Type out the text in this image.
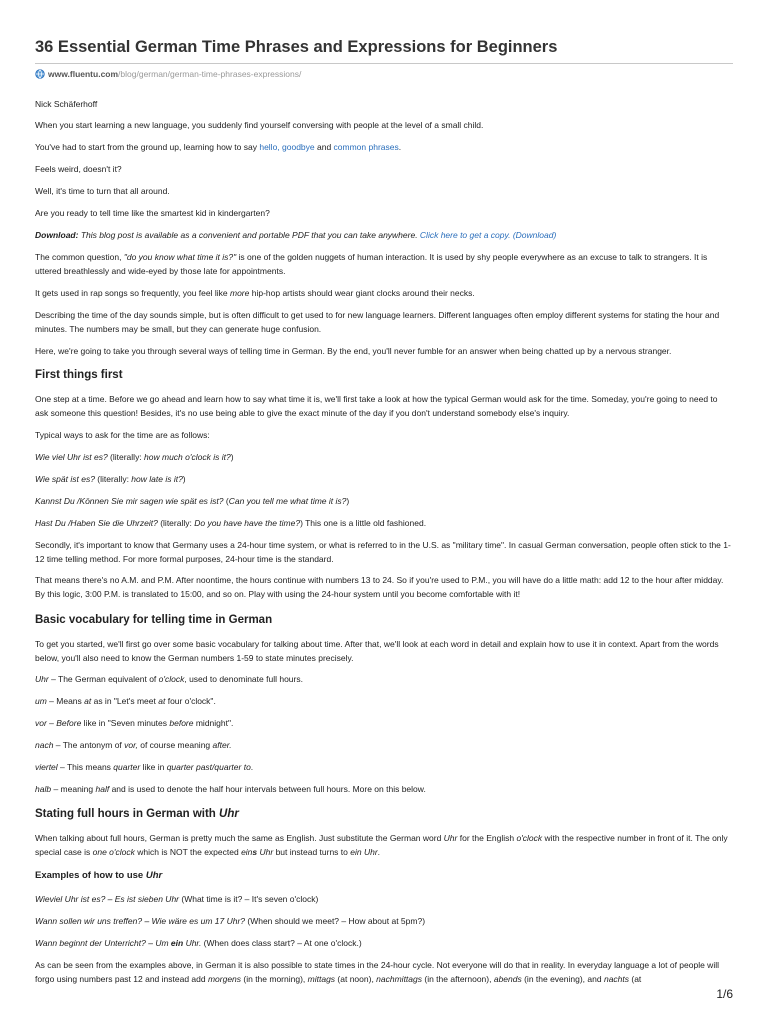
36 Essential German Time Phrases and Expressions for Beginners
www.fluentu.com/blog/german/german-time-phrases-expressions/

Nick Schäferhoff

When you start learning a new language, you suddenly find yourself conversing with people at the level of a small child.

You've had to start from the ground up, learning how to say hello, goodbye and common phrases.

Feels weird, doesn't it?

Well, it's time to turn that all around.

Are you ready to tell time like the smartest kid in kindergarten?

Download: This blog post is available as a convenient and portable PDF that you can take anywhere. Click here to get a copy. (Download)

The common question, "do you know what time it is?" is one of the golden nuggets of human interaction. It is used by shy people everywhere as an excuse to talk to strangers. It is uttered breathlessly and wide-eyed by those late for appointments.

It gets used in rap songs so frequently, you feel like more hip-hop artists should wear giant clocks around their necks.

Describing the time of the day sounds simple, but is often difficult to get used to for new language learners. Different languages often employ different systems for stating the hour and minutes. The numbers may be small, but they can generate huge confusion.

Here, we're going to take you through several ways of telling time in German. By the end, you'll never fumble for an answer when being chatted up by a nervous stranger.

First things first

One step at a time. Before we go ahead and learn how to say what time it is, we'll first take a look at how the typical German would ask for the time. Someday, you're going to need to ask someone this question! Besides, it's no use being able to give the exact minute of the day if you don't understand somebody else's inquiry.

Typical ways to ask for the time are as follows:

Wie viel Uhr ist es? (literally: how much o'clock is it?)

Wie spät ist es? (literally: how late is it?)

Kannst Du /Können Sie mir sagen wie spät es ist? (Can you tell me what time it is?)

Hast Du /Haben Sie die Uhrzeit? (literally: Do you have have the time?) This one is a little old fashioned.

Secondly, it's important to know that Germany uses a 24-hour time system, or what is referred to in the U.S. as "military time". In casual German conversation, people often stick to the 1-12 time telling method. For more formal purposes, 24-hour time is the standard.

That means there's no A.M. and P.M. After noontime, the hours continue with numbers 13 to 24. So if you're used to P.M., you will have do a little math: add 12 to the hour after midday. By this logic, 3:00 P.M. is translated to 15:00, and so on. Play with using the 24-hour system until you become comfortable with it!

Basic vocabulary for telling time in German

To get you started, we'll first go over some basic vocabulary for talking about time. After that, we'll look at each word in detail and explain how to use it in context. Apart from the words below, you'll also need to know the German numbers 1-59 to state minutes precisely.

Uhr – The German equivalent of o'clock, used to denominate full hours.

um – Means at as in "Let's meet at four o'clock".

vor – Before like in "Seven minutes before midnight".

nach – The antonym of vor, of course meaning after.

viertel – This means quarter like in quarter past/quarter to.

halb – meaning half and is used to denote the half hour intervals between full hours. More on this below.

Stating full hours in German with Uhr

When talking about full hours, German is pretty much the same as English. Just substitute the German word Uhr for the English o'clock with the respective number in front of it. The only special case is one o'clock which is NOT the expected eins Uhr but instead turns to ein Uhr.

Examples of how to use Uhr

Wieviel Uhr ist es? – Es ist sieben Uhr (What time is it? – It's seven o'clock)

Wann sollen wir uns treffen? – Wie wäre es um 17 Uhr? (When should we meet? – How about at 5pm?)

Wann beginnt der Unterricht? – Um ein Uhr. (When does class start? – At one o'clock.)

As can be seen from the examples above, in German it is also possible to state times in the 24-hour cycle. Not everyone will do that in reality. In everyday language a lot of people will forgo using numbers past 12 and instead add morgens (in the morning), mittags (at noon), nachmittags (in the afternoon), abends (in the evening), and nachts (at

1/6
